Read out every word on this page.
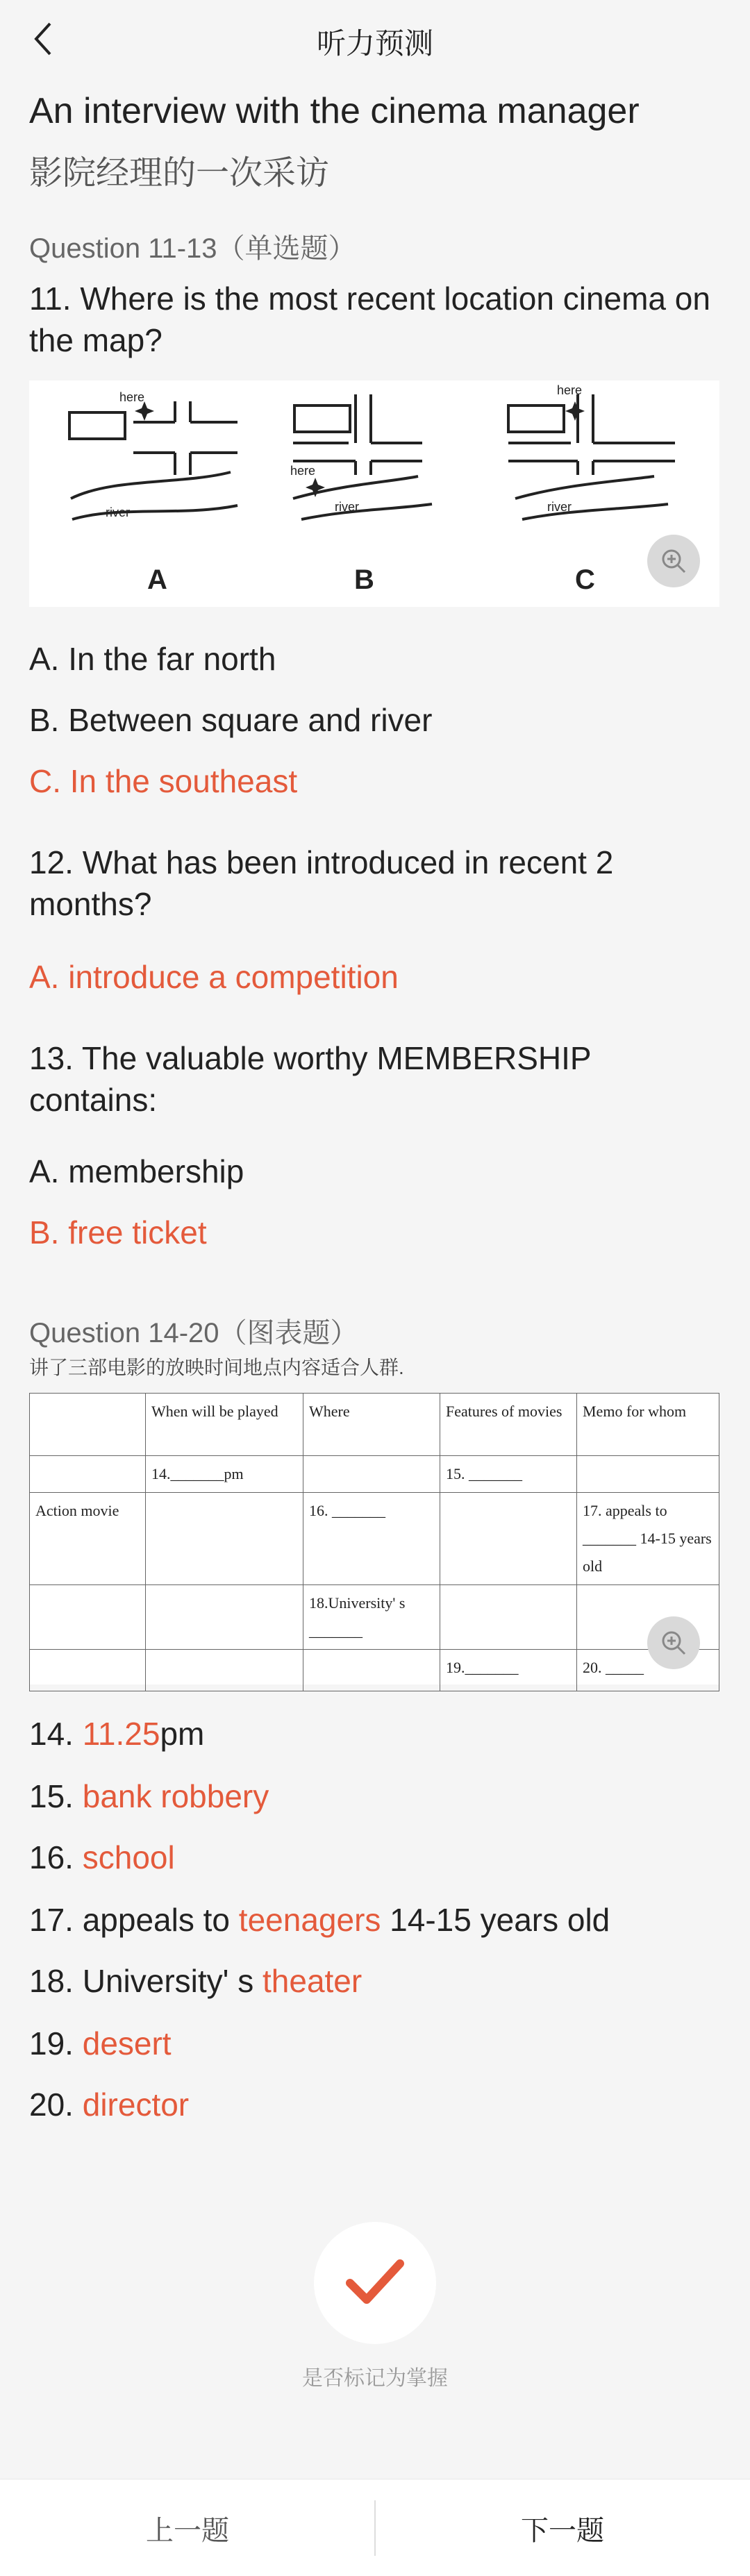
听力预测
An interview with the cinema manager
影院经理的一次采访
Question 11-13（单选题）
11. Where is the most recent location cinema on the map?
here
river
here
river
here
river
A	B	C
A. In the far north
B. Between square and river
C. In the southeast
12. What has been introduced in recent 2 months?
A. introduce a competition
13. The valuable worthy MEMBERSHIP contains:
A. membership
B. free ticket
Question 14-20（图表题）
讲了三部电影的放映时间地点内容适合人群.
	When will be played	Where	Features of movies	Memo for whom
	14._______pm		15. _______	
Action movie		16. _______		17. appeals to _______ 14-15 years old
		18.University' s _______		
			19._______	20. _____
14. 11.25pm
15. bank robbery
16. school
17. appeals to teenagers 14-15 years old
18. University' s theater
19. desert
20. director
是否标记为掌握
上一题	下一题
